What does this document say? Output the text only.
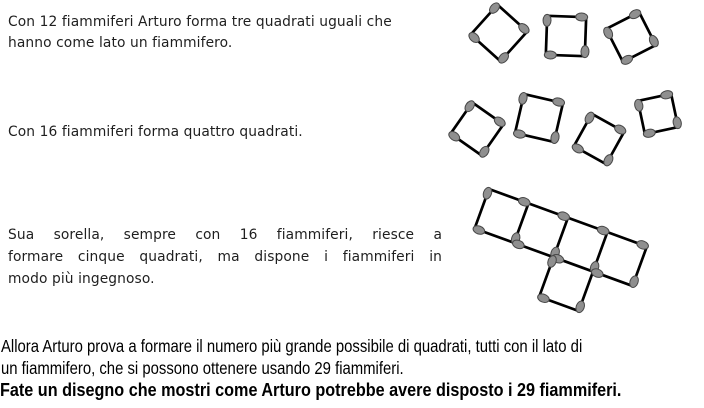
Con 12 fiammiferi Arturo forma tre quadrati uguali che
hanno come lato un fiammifero.
Con 16 fiammiferi forma quattro quadrati.
Sua sorella, sempre con 16 fiammiferi, riesce a
formare cinque quadrati, ma dispone i fiammiferi in
modo più ingegnoso.
Allora Arturo prova a formare il numero più grande possibile di quadrati, tutti con il lato di
un fiammifero, che si possono ottenere usando 29 fiammiferi.
Fate un disegno che mostri come Arturo potrebbe avere disposto i 29 fiammiferi.
